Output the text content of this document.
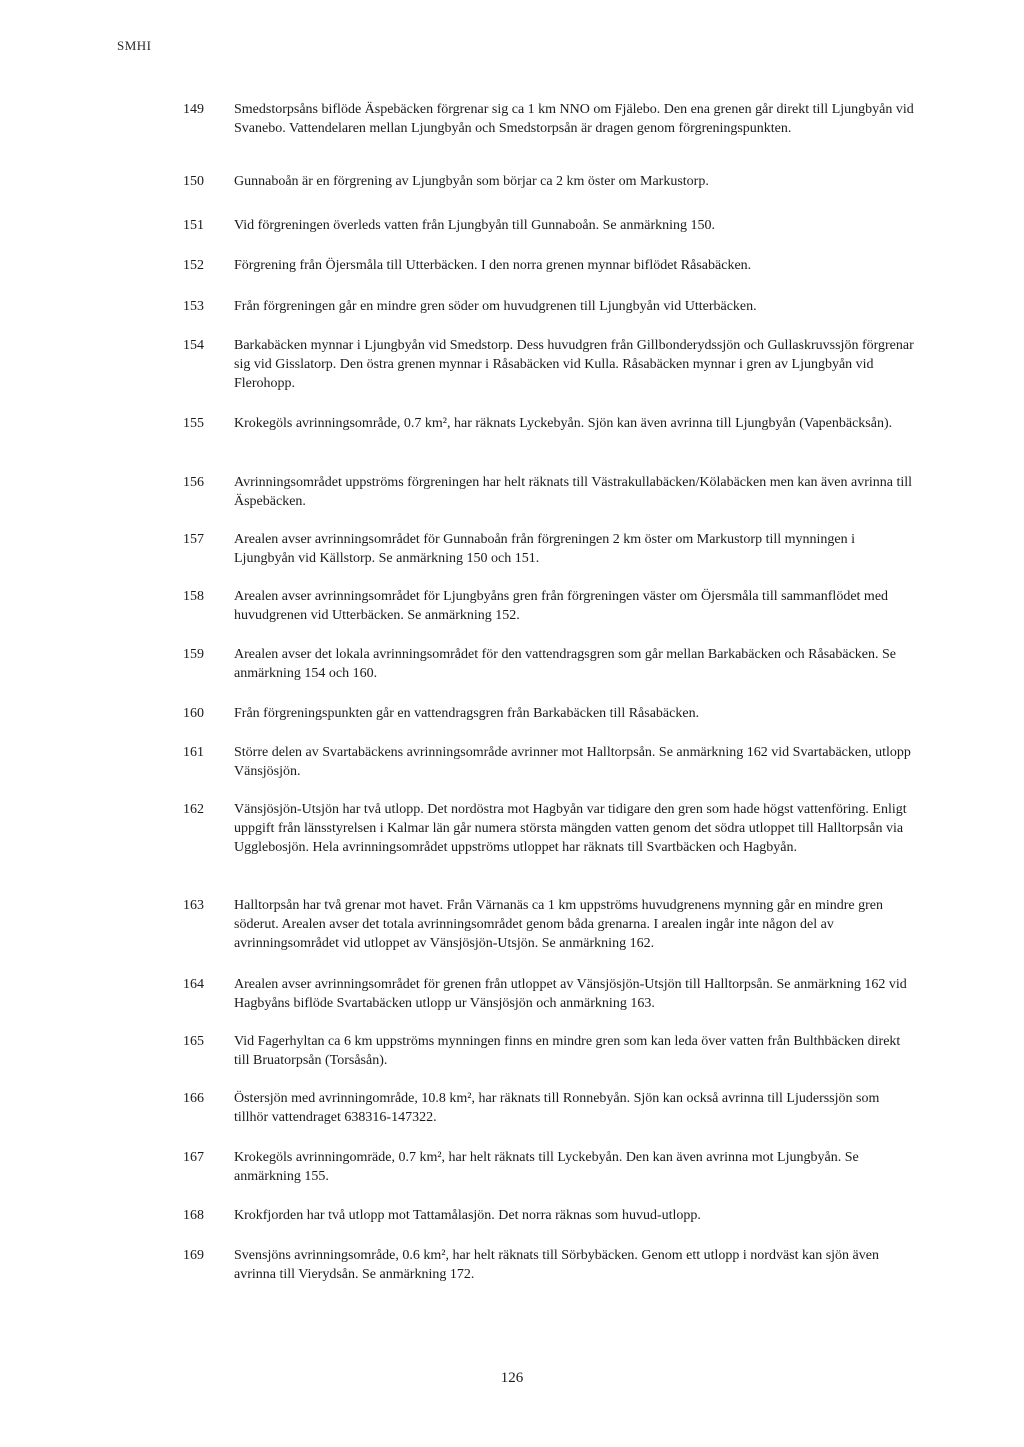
SMHI
149	Smedstorpsåns biflöde Äspebäcken förgrenar sig ca 1 km NNO om Fjälebo. Den ena grenen går direkt till Ljungbyån vid Svanebo. Vattendelaren mellan Ljungbyån och Smedstorpsån är dragen genom förgreningspunkten.
150	Gunnaboån är en förgrening av Ljungbyån som börjar ca 2 km öster om Markustorp.
151	Vid förgreningen överleds vatten från Ljungbyån till Gunnaboån. Se anmärkning 150.
152	Förgrening från Öjersmåla till Utterbäcken. I den norra grenen mynnar biflödet Råsabäcken.
153	Från förgreningen går en mindre gren söder om huvudgrenen till Ljungbyån vid Utterbäcken.
154	Barkabäcken mynnar i Ljungbyån vid Smedstorp. Dess huvudgren från Gillbonderydssjön och Gullaskruvssjön förgrenar sig vid Gisslatorp. Den östra grenen mynnar i Råsabäcken vid Kulla. Råsabäcken mynnar i gren av Ljungbyån vid Flerohopp.
155	Krokegöls avrinningsområde, 0.7 km², har räknats Lyckebyån. Sjön kan även avrinna till Ljungbyån (Vapenbäcksån).
156	Avrinningsområdet uppströms förgreningen har helt räknats till Västrakullabäcken/Kölabäcken men kan även avrinna till Äspebäcken.
157	Arealen avser avrinningsområdet för Gunnaboån från förgreningen 2 km öster om Markustorp till mynningen i Ljungbyån vid Källstorp. Se anmärkning 150 och 151.
158	Arealen avser avrinningsområdet för Ljungbyåns gren från förgreningen väster om Öjersmåla till sammanflödet med huvudgrenen vid Utterbäcken. Se anmärkning 152.
159	Arealen avser det lokala avrinningsområdet för den vattendragsgren som går mellan Barkabäcken och Råsabäcken. Se anmärkning 154 och 160.
160	Från förgreningspunkten går en vattendragsgren från Barkabäcken till Råsabäcken.
161	Större delen av Svartabäckens avrinningsområde avrinner mot Halltorpsån. Se anmärkning 162 vid Svartabäcken, utlopp Vänsjösjön.
162	Vänsjösjön-Utsjön har två utlopp. Det nordöstra mot Hagbyån var tidigare den gren som hade högst vattenföring. Enligt uppgift från länsstyrelsen i Kalmar län går numera största mängden vatten genom det södra utloppet till Halltorpsån via Ugglebosjön. Hela avrinningsområdet uppströms utloppet har räknats till Svartbäcken och Hagbyån.
163	Halltorpsån har två grenar mot havet. Från Värnanäs ca 1 km uppströms huvudgrenens mynning går en mindre gren söderut. Arealen avser det totala avrinningsområdet genom båda grenarna. I arealen ingår inte någon del av avrinningsområdet vid utloppet av Vänsjösjön-Utsjön. Se anmärkning 162.
164	Arealen avser avrinningsområdet för grenen från utloppet av Vänsjösjön-Utsjön till Halltorpsån. Se anmärkning 162 vid Hagbyåns biflöde Svartabäcken utlopp ur Vänsjösjön och anmärkning 163.
165	Vid Fagerhyltan ca 6 km uppströms mynningen finns en mindre gren som kan leda över vatten från Bulthbäcken direkt till Bruatorpsån (Torsåsån).
166	Östersjön med avrinningområde, 10.8 km², har räknats till Ronnebyån. Sjön kan också avrinna till Ljuderssjön som tillhör vattendraget 638316-147322.
167	Krokegöls avrinningomräde, 0.7 km², har helt räknats till Lyckebyån. Den kan även avrinna mot Ljungbyån. Se anmärkning 155.
168	Krokfjorden har två utlopp mot Tattamålasjön. Det norra räknas som huvud-utlopp.
169	Svensjöns avrinningsområde, 0.6 km², har helt räknats till Sörbybäcken. Genom ett utlopp i nordväst kan sjön även avrinna till Vierydsån. Se anmärkning 172.
126
